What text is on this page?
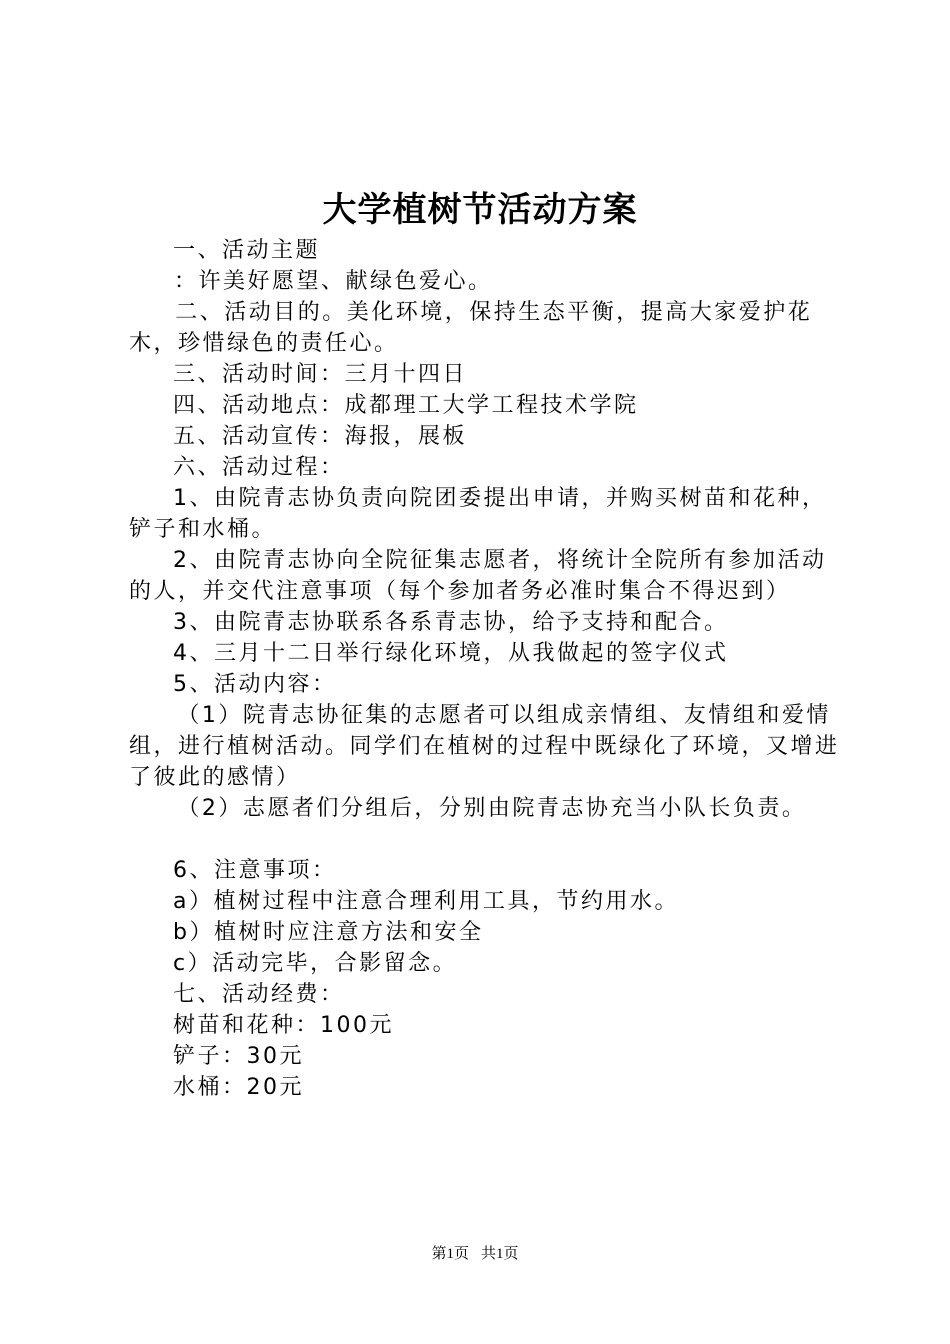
大学植树节活动方案

一、活动主题

：许美好愿望、献绿色爱心。

二、活动目的。美化环境，保持生态平衡，提高大家爱护花木，珍惜绿色的责任心。

三、活动时间：三月十四日

四、活动地点：成都理工大学工程技术学院

五、活动宣传：海报，展板

六、活动过程：

1、由院青志协负责向院团委提出申请，并购买树苗和花种，铲子和水桶。

2、由院青志协向全院征集志愿者，将统计全院所有参加活动的人，并交代注意事项（每个参加者务必准时集合不得迟到）

3、由院青志协联系各系青志协，给予支持和配合。

4、三月十二日举行绿化环境，从我做起的签字仪式

5、活动内容：

（1）院青志协征集的志愿者可以组成亲情组、友情组和爱情组，进行植树活动。同学们在植树的过程中既绿化了环境，又增进了彼此的感情）

（2）志愿者们分组后，分别由院青志协充当小队长负责。

6、注意事项：

a）植树过程中注意合理利用工具，节约用水。

b）植树时应注意方法和安全

c）活动完毕，合影留念。

七、活动经费：

树苗和花种：100元

铲子：30元

水桶：20元

第1页 共1页
